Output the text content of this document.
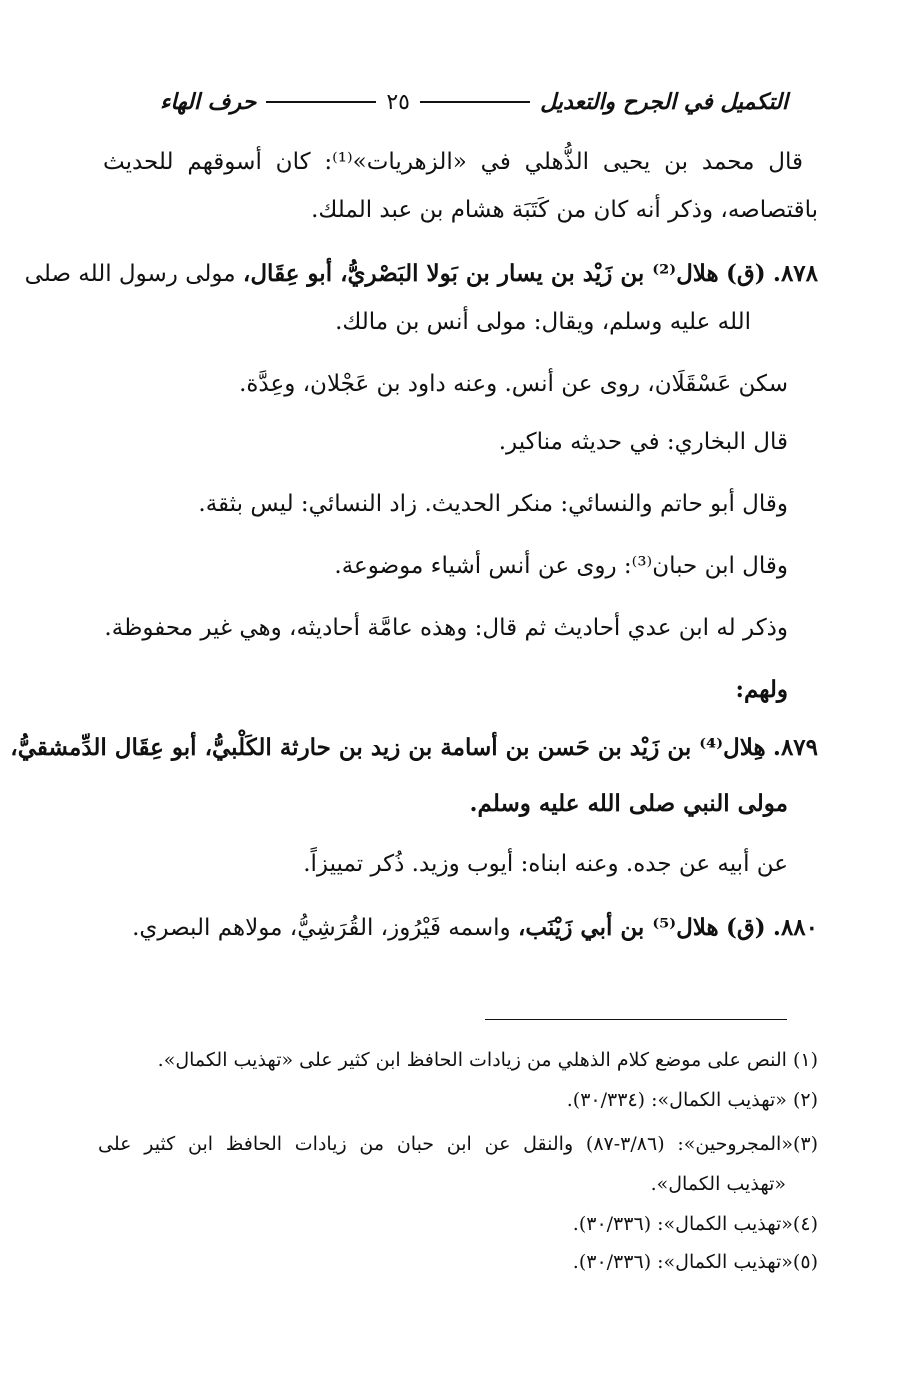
التكميل في الجرح والتعديل
٢٥
حرف الهاء
قال محمد بن يحيى الذُّهلي في «الزهريات»⁽¹⁾: كان أسوقهم للحديث
باقتصاصه، وذكر أنه كان من كَتَبَة هشام بن عبد الملك.
٨٧٨. (ق) هلال⁽²⁾ بن زَيْد بن يسار بن بَولا البَصْريُّ، أبو عِقَال، مولى رسول الله صلى
الله عليه وسلم، ويقال: مولى أنس بن مالك.
سكن عَسْقَلَان، روى عن أنس. وعنه داود بن عَجْلان، وعِدَّة.
قال البخاري: في حديثه مناكير.
وقال أبو حاتم والنسائي: منكر الحديث. زاد النسائي: ليس بثقة.
وقال ابن حبان⁽³⁾: روى عن أنس أشياء موضوعة.
وذكر له ابن عدي أحاديث ثم قال: وهذه عامَّة أحاديثه، وهي غير محفوظة.
ولهم:
٨٧٩. هِلال⁽⁴⁾ بن زَيْد بن حَسن بن أسامة بن زيد بن حارثة الكَلْبيُّ، أبو عِقَال الدِّمشقيُّ،
مولى النبي صلى الله عليه وسلم.
عن أبيه عن جده. وعنه ابناه: أيوب وزيد. ذُكر تمييزاً.
٨٨٠. (ق) هلال⁽⁵⁾ بن أبي زَيْنَب، واسمه فَيْرُوز، القُرَشِيُّ، مولاهم البصري.
(١) النص على موضع كلام الذهلي من زيادات الحافظ ابن كثير على «تهذيب الكمال».
(٢) «تهذيب الكمال»: (٣٠/٣٣٤).
(٣)«المجروحين»: (٣/٨٦-٨٧) والنقل عن ابن حبان من زيادات الحافظ ابن كثير على
«تهذيب الكمال».
(٤)«تهذيب الكمال»: (٣٠/٣٣٦).
(٥)«تهذيب الكمال»: (٣٠/٣٣٦).
